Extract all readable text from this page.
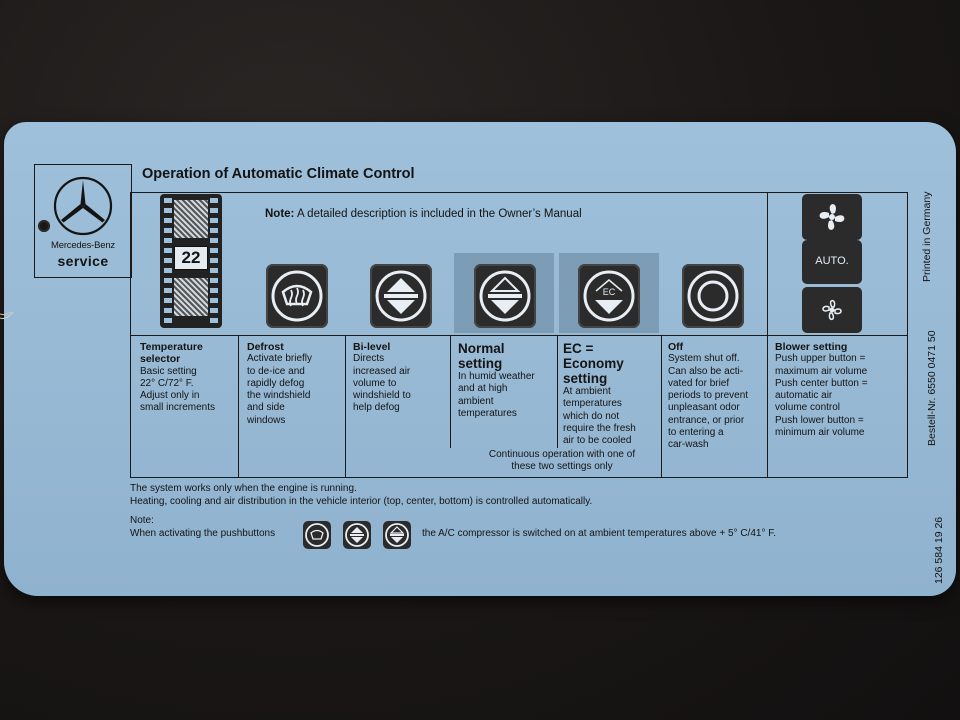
Mercedes-Benz
service
Operation of Automatic Climate Control
Note: A detailed description is included in the Owner’s Manual
22
EC
AUTO.
Temperature
selector
Basic setting
22° C/72° F.
Adjust only in
small increments
Defrost
Activate briefly
to de-ice and
rapidly defog
the windshield
and side
windows
Bi-level
Directs
increased air
volume to
windshield to
help defog
Normal
setting
In humid weather
and at high
ambient
temperatures
EC =
Economy
setting
At ambient
temperatures
which do not
require the fresh
air to be cooled
Off
System shut off.
Can also be acti-
vated for brief
periods to prevent
unpleasant odor
entrance, or prior
to entering a
car-wash
Blower setting
Push upper button =
maximum air volume
Push center button =
automatic air
volume control
Push lower button =
minimum air volume
Continuous operation with one of
these two settings only
The system works only when the engine is running.
Heating, cooling and air distribution in the vehicle interior (top, center, bottom) is controlled automatically.
Note:
When activating the pushbuttons	the A/C compressor is switched on at ambient temperatures above + 5° C/41° F.
Printed in Germany
Bestell-Nr. 6550 0471 50
126 584 19 26
